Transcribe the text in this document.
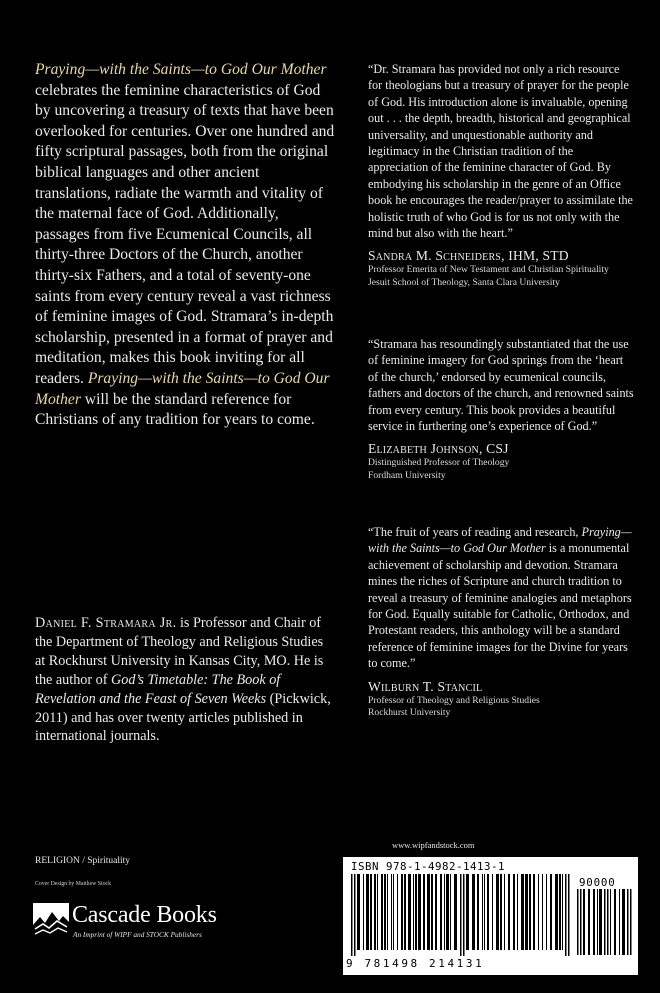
Praying—with the Saints—to God Our Mother celebrates the feminine characteristics of God by uncovering a treasury of texts that have been overlooked for centuries. Over one hundred and fifty scriptural passages, both from the original biblical languages and other ancient translations, radiate the warmth and vitality of the maternal face of God. Additionally, passages from five Ecumenical Councils, all thirty-three Doctors of the Church, another thirty-six Fathers, and a total of seventy-one saints from every century reveal a vast richness of feminine images of God. Stramara’s in-depth scholarship, presented in a format of prayer and meditation, makes this book inviting for all readers. Praying—with the Saints—to God Our Mother will be the standard reference for Christians of any tradition for years to come.
Daniel F. Stramara Jr. is Professor and Chair of the Department of Theology and Religious Studies at Rockhurst University in Kansas City, MO. He is the author of God’s Timetable: The Book of Revelation and the Feast of Seven Weeks (Pickwick, 2011) and has over twenty articles published in international journals.
“Dr. Stramara has provided not only a rich resource for theologians but a treasury of prayer for the people of God. His introduction alone is invaluable, opening out . . . the depth, breadth, historical and geographical universality, and unquestionable authority and legitimacy in the Christian tradition of the appreciation of the feminine character of God. By embodying his scholarship in the genre of an Office book he encourages the reader/prayer to assimilate the holistic truth of who God is for us not only with the mind but also with the heart.”
Sandra M. Schneiders, IHM, STD
Professor Emerita of New Testament and Christian Spirituality
Jesuit School of Theology, Santa Clara University
“Stramara has resoundingly substantiated that the use of feminine imagery for God springs from the ‘heart of the church,’ endorsed by ecumenical councils, fathers and doctors of the church, and renowned saints from every century. This book provides a beautiful service in furthering one’s experience of God.”
Elizabeth Johnson, CSJ
Distinguished Professor of Theology
Fordham University
“The fruit of years of reading and research, Praying—with the Saints—to God Our Mother is a monumental achievement of scholarship and devotion. Stramara mines the riches of Scripture and church tradition to reveal a treasury of feminine analogies and metaphors for God. Equally suitable for Catholic, Orthodox, and Protestant readers, this anthology will be a standard reference of feminine images for the Divine for years to come.”
Wilburn T. Stancil
Professor of Theology and Religious Studies
Rockhurst University
RELIGION / Spirituality
Cover Design by Matthew Stock
Cascade Books
An Imprint of WIPF and STOCK Publishers
www.wipfandstock.com
ISBN 978-1-4982-1413-1
90000
9 781498 214131
